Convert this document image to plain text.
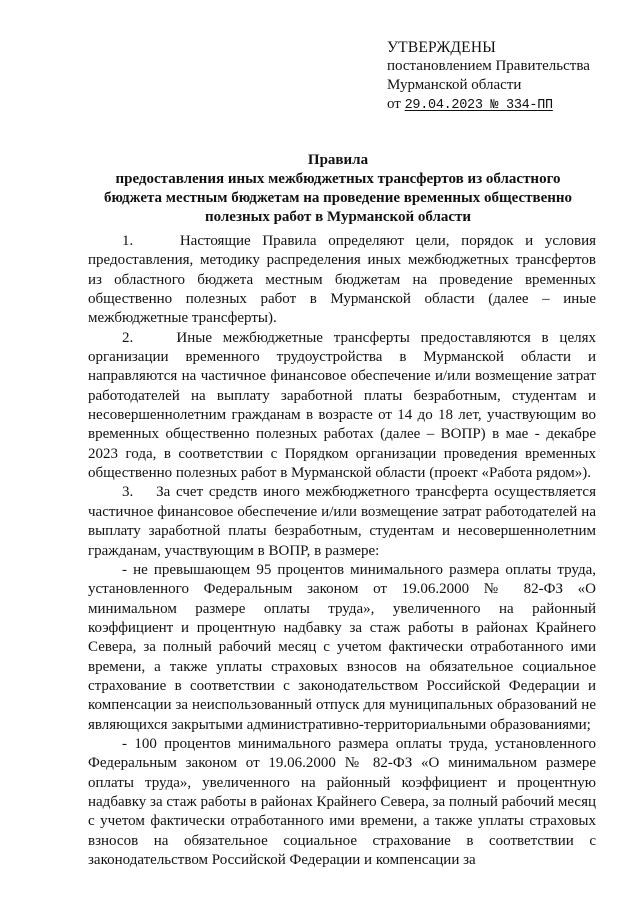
УТВЕРЖДЕНЫ
постановлением Правительства
Мурманской области
от 29.04.2023 № 334-ПП
Правила
предоставления иных межбюджетных трансфертов из областного бюджета местным бюджетам на проведение временных общественно полезных работ в Мурманской области

1.    Настоящие Правила определяют цели, порядок и условия предоставления, методику распределения иных межбюджетных трансфертов из областного бюджета местным бюджетам на проведение временных общественно полезных работ в Мурманской области (далее – иные межбюджетные трансферты).

2.    Иные межбюджетные трансферты предоставляются в целях организации временного трудоустройства в Мурманской области и направляются на частичное финансовое обеспечение и/или возмещение затрат работодателей на выплату заработной платы безработным, студентам и несовершеннолетним гражданам в возрасте от 14 до 18 лет, участвующим во временных общественно полезных работах (далее – ВОПР) в мае - декабре 2023 года, в соответствии с Порядком организации проведения временных общественно полезных работ в Мурманской области (проект «Работа рядом»).

3.    За счет средств иного межбюджетного трансферта осуществляется частичное финансовое обеспечение и/или возмещение затрат работодателей на выплату заработной платы безработным, студентам и несовершеннолетним гражданам, участвующим в ВОПР, в размере:

- не превышающем 95 процентов минимального размера оплаты труда, установленного Федеральным законом от 19.06.2000 № 82-ФЗ «О минимальном размере оплаты труда», увеличенного на районный коэффициент и процентную надбавку за стаж работы в районах Крайнего Севера, за полный рабочий месяц с учетом фактически отработанного ими времени, а также уплаты страховых взносов на обязательное социальное страхование в соответствии с законодательством Российской Федерации и компенсации за неиспользованный отпуск для муниципальных образований не являющихся закрытыми административно-территориальными образованиями;

- 100 процентов минимального размера оплаты труда, установленного Федеральным законом от 19.06.2000 № 82-ФЗ «О минимальном размере оплаты труда», увеличенного на районный коэффициент и процентную надбавку за стаж работы в районах Крайнего Севера, за полный рабочий месяц с учетом фактически отработанного ими времени, а также уплаты страховых взносов на обязательное социальное страхование в соответствии с законодательством Российской Федерации и компенсации за
